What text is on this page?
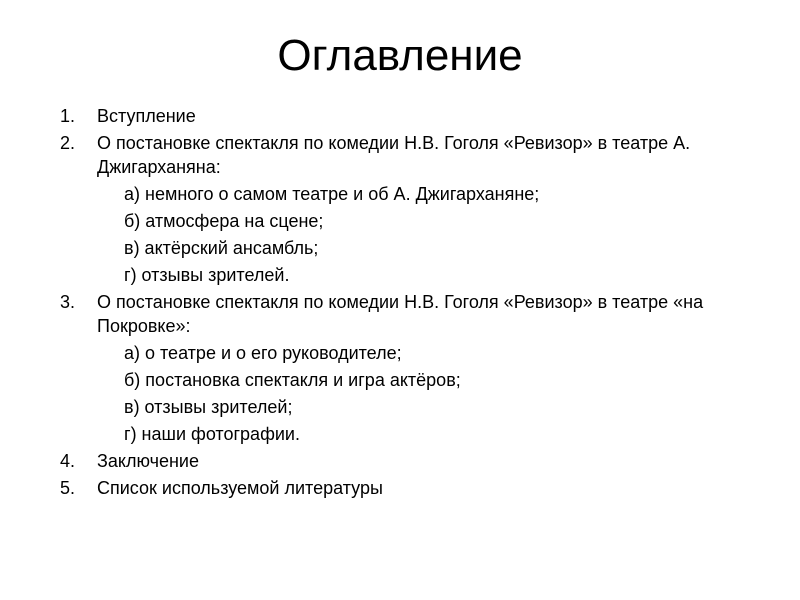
Оглавление
1. Вступление
2. О постановке спектакля по комедии Н.В. Гоголя «Ревизор» в театре А. Джигарханяна:
а) немного о самом театре и об А. Джигарханяне;
б) атмосфера на сцене;
в) актёрский ансамбль;
г) отзывы зрителей.
3. О постановке спектакля по комедии Н.В. Гоголя «Ревизор» в театре «на Покровке»:
а) о театре и о его руководителе;
б) постановка спектакля и игра актёров;
в) отзывы зрителей;
г) наши фотографии.
4. Заключение
5. Список используемой литературы
